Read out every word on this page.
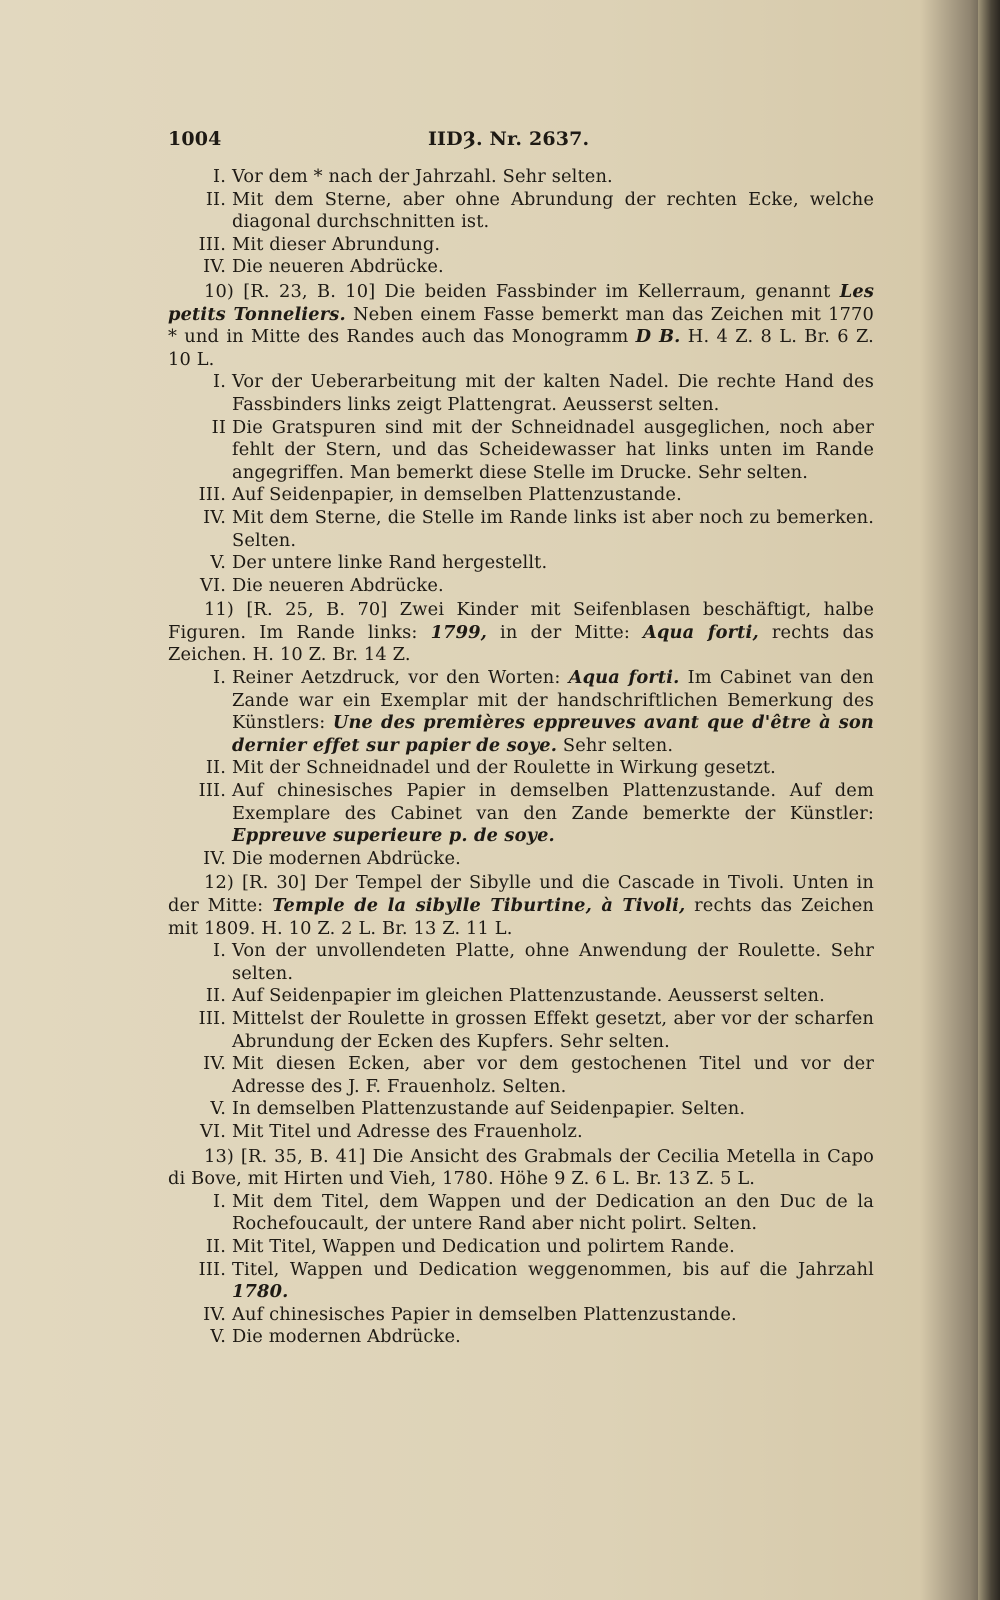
1004	IIDȜ. Nr. 2637.
I. Vor dem * nach der Jahrzahl. Sehr selten.
II. Mit dem Sterne, aber ohne Abrundung der rechten Ecke, welche diagonal durchschnitten ist.
III. Mit dieser Abrundung.
IV. Die neueren Abdrücke.

10) [R. 23, B. 10] Die beiden Fassbinder im Kellerraum, genannt Les petits Tonneliers. Neben einem Fasse bemerkt man das Zeichen mit 1770 * und in Mitte des Randes auch das Monogramm D B. H. 4 Z. 8 L. Br. 6 Z. 10 L.

I. Vor der Ueberarbeitung mit der kalten Nadel. Die rechte Hand des Fassbinders links zeigt Plattengrat. Aeusserst selten.
II Die Gratspuren sind mit der Schneidnadel ausgeglichen, noch aber fehlt der Stern, und das Scheidewasser hat links unten im Rande angegriffen. Man bemerkt diese Stelle im Drucke. Sehr selten.
III. Auf Seidenpapier, in demselben Plattenzustande.
IV. Mit dem Sterne, die Stelle im Rande links ist aber noch zu bemerken. Selten.
V. Der untere linke Rand hergestellt.
VI. Die neueren Abdrücke.

11) [R. 25, B. 70] Zwei Kinder mit Seifenblasen beschäftigt, halbe Figuren. Im Rande links: 1799, in der Mitte: Aqua forti, rechts das Zeichen. H. 10 Z. Br. 14 Z.

I. Reiner Aetzdruck, vor den Worten: Aqua forti. Im Cabinet van den Zande war ein Exemplar mit der handschriftlichen Bemerkung des Künstlers: Une des premières eppreuves avant que d'être à son dernier effet sur papier de soye. Sehr selten.
II. Mit der Schneidnadel und der Roulette in Wirkung gesetzt.
III. Auf chinesisches Papier in demselben Plattenzustande. Auf dem Exemplare des Cabinet van den Zande bemerkte der Künstler: Eppreuve superieure p. de soye.
IV. Die modernen Abdrücke.

12) [R. 30] Der Tempel der Sibylle und die Cascade in Tivoli. Unten in der Mitte: Temple de la sibylle Tiburtine, à Tivoli, rechts das Zeichen mit 1809. H. 10 Z. 2 L. Br. 13 Z. 11 L.

I. Von der unvollendeten Platte, ohne Anwendung der Roulette. Sehr selten.
II. Auf Seidenpapier im gleichen Plattenzustande. Aeusserst selten.
III. Mittelst der Roulette in grossen Effekt gesetzt, aber vor der scharfen Abrundung der Ecken des Kupfers. Sehr selten.
IV. Mit diesen Ecken, aber vor dem gestochenen Titel und vor der Adresse des J. F. Frauenholz. Selten.
V. In demselben Plattenzustande auf Seidenpapier. Selten.
VI. Mit Titel und Adresse des Frauenholz.

13) [R. 35, B. 41] Die Ansicht des Grabmals der Cecilia Metella in Capo di Bove, mit Hirten und Vieh, 1780. Höhe 9 Z. 6 L. Br. 13 Z. 5 L.

I. Mit dem Titel, dem Wappen und der Dedication an den Duc de la Rochefoucault, der untere Rand aber nicht polirt. Selten.
II. Mit Titel, Wappen und Dedication und polirtem Rande.
III. Titel, Wappen und Dedication weggenommen, bis auf die Jahrzahl 1780.
IV. Auf chinesisches Papier in demselben Plattenzustande.
V. Die modernen Abdrücke.
